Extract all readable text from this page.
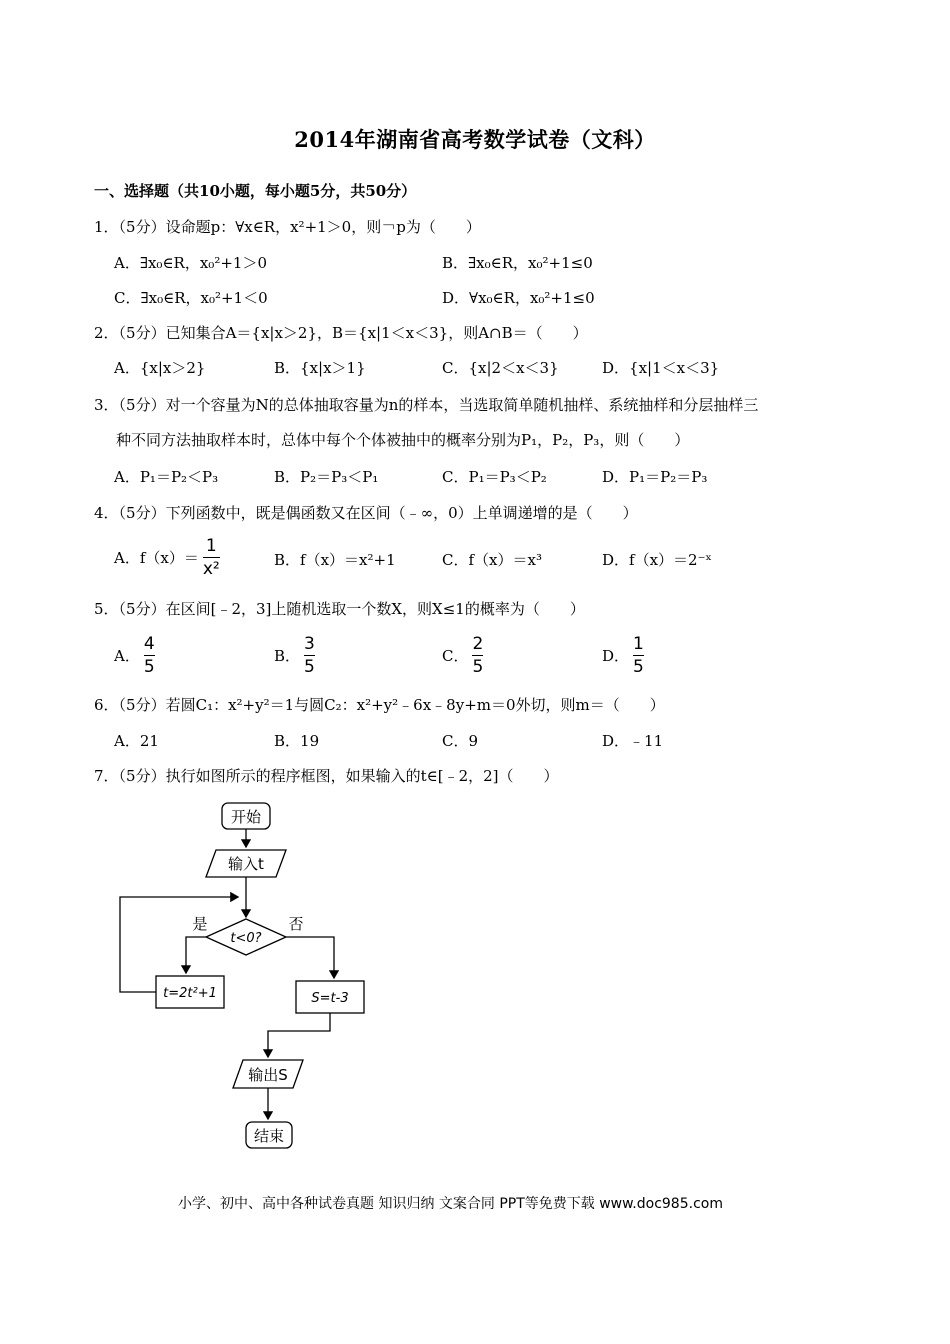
2014年湖南省高考数学试卷（文科）
一、选择题（共10小题，每小题5分，共50分）
1．（5分）设命题p：∀x∈R，x²+1＞0，则￢p为（　　）
A．∃x₀∈R，x₀²+1＞0	B．∃x₀∈R，x₀²+1≤0
C．∃x₀∈R，x₀²+1＜0	D．∀x₀∈R，x₀²+1≤0
2．（5分）已知集合A＝{x|x＞2}，B＝{x|1＜x＜3}，则A∩B＝（　　）
A．{x|x＞2}	B．{x|x＞1}	C．{x|2＜x＜3}	D．{x|1＜x＜3}
3．（5分）对一个容量为N的总体抽取容量为n的样本，当选取简单随机抽样、系统抽样和分层抽样三
种不同方法抽取样本时，总体中每个个体被抽中的概率分别为P₁，P₂，P₃，则（　　）
A．P₁＝P₂＜P₃	B．P₂＝P₃＜P₁	C．P₁＝P₃＜P₂	D．P₁＝P₂＝P₃
4．（5分）下列函数中，既是偶函数又在区间（﹣∞，0）上单调递增的是（　　）
A．$f(x)= \frac{1}{\text{x²}}$	B．f（x）＝x²+1	C．f（x）＝x³	D．f（x）＝2⁻ˣ
5．（5分）在区间[﹣2，3]上随机选取一个数X，则X≤1的概率为（　　）
A． $\frac{4}{5}$	B． $\frac{3}{5}$	C． $\frac{2}{5}$	D． $\frac{1}{5}$
6．（5分）若圆C₁：x²+y²＝1与圆C₂：x²+y²﹣6x﹣8y+m＝0外切，则m＝（　　）
A．21	B．19	C．9	D．﹣11
7．（5分）执行如图所示的程序框图，如果输入的t∈[﹣2，2]（　　）
开始
输入t
t<0?
是	否
t=2t²+1	S=t-3
输出S
结束
小学、初中、高中各种试卷真题 知识归纳 文案合同 PPT等免费下载 www.doc985.com
